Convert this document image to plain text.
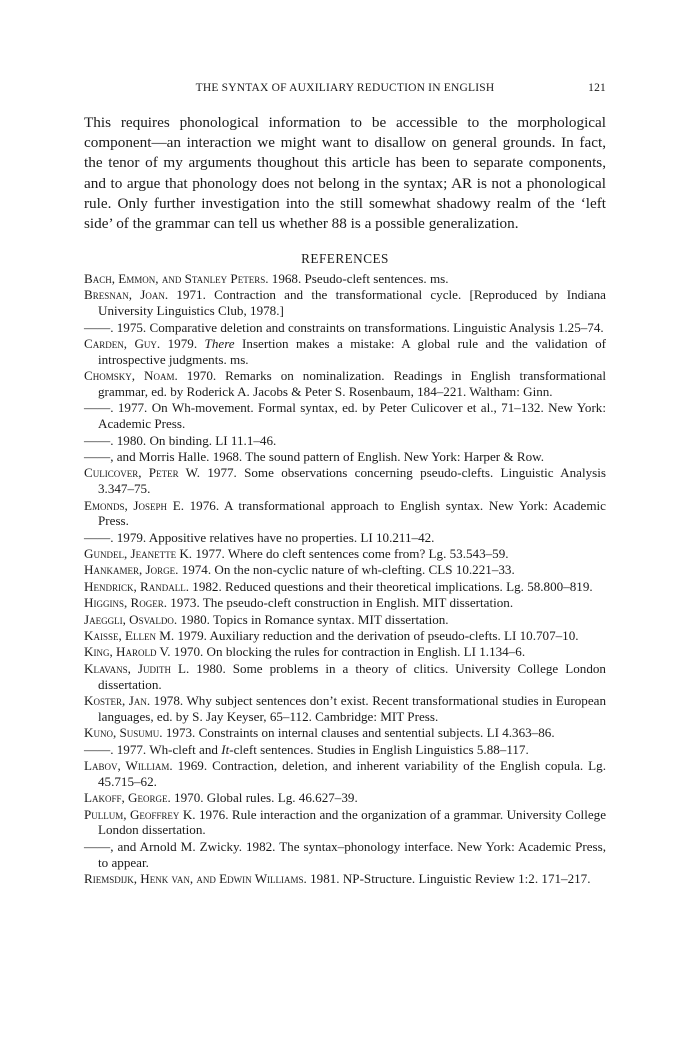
THE SYNTAX OF AUXILIARY REDUCTION IN ENGLISH	121

This requires phonological information to be accessible to the morphological component—an interaction we might want to disallow on general grounds. In fact, the tenor of my arguments thoughout this article has been to separate components, and to argue that phonology does not belong in the syntax; AR is not a phonological rule. Only further investigation into the still somewhat shadowy realm of the ‘left side’ of the grammar can tell us whether 88 is a possible generalization.

REFERENCES
Bach, Emmon, and Stanley Peters. 1968. Pseudo-cleft sentences. ms.
Bresnan, Joan. 1971. Contraction and the transformational cycle. [Reproduced by Indiana University Linguistics Club, 1978.]
——. 1975. Comparative deletion and constraints on transformations. Linguistic Analysis 1.25–74.
Carden, Guy. 1979. There Insertion makes a mistake: A global rule and the validation of introspective judgments. ms.
Chomsky, Noam. 1970. Remarks on nominalization. Readings in English transformational grammar, ed. by Roderick A. Jacobs & Peter S. Rosenbaum, 184–221. Waltham: Ginn.
——. 1977. On Wh-movement. Formal syntax, ed. by Peter Culicover et al., 71–132. New York: Academic Press.
——. 1980. On binding. LI 11.1–46.
——, and Morris Halle. 1968. The sound pattern of English. New York: Harper & Row.
Culicover, Peter W. 1977. Some observations concerning pseudo-clefts. Linguistic Analysis 3.347–75.
Emonds, Joseph E. 1976. A transformational approach to English syntax. New York: Academic Press.
——. 1979. Appositive relatives have no properties. LI 10.211–42.
Gundel, Jeanette K. 1977. Where do cleft sentences come from? Lg. 53.543–59.
Hankamer, Jorge. 1974. On the non-cyclic nature of wh-clefting. CLS 10.221–33.
Hendrick, Randall. 1982. Reduced questions and their theoretical implications. Lg. 58.800–819.
Higgins, Roger. 1973. The pseudo-cleft construction in English. MIT dissertation.
Jaeggli, Osvaldo. 1980. Topics in Romance syntax. MIT dissertation.
Kaisse, Ellen M. 1979. Auxiliary reduction and the derivation of pseudo-clefts. LI 10.707–10.
King, Harold V. 1970. On blocking the rules for contraction in English. LI 1.134–6.
Klavans, Judith L. 1980. Some problems in a theory of clitics. University College London dissertation.
Koster, Jan. 1978. Why subject sentences don’t exist. Recent transformational studies in European languages, ed. by S. Jay Keyser, 65–112. Cambridge: MIT Press.
Kuno, Susumu. 1973. Constraints on internal clauses and sentential subjects. LI 4.363–86.
——. 1977. Wh-cleft and It-cleft sentences. Studies in English Linguistics 5.88–117.
Labov, William. 1969. Contraction, deletion, and inherent variability of the English copula. Lg. 45.715–62.
Lakoff, George. 1970. Global rules. Lg. 46.627–39.
Pullum, Geoffrey K. 1976. Rule interaction and the organization of a grammar. University College London dissertation.
——, and Arnold M. Zwicky. 1982. The syntax–phonology interface. New York: Academic Press, to appear.
Riemsdijk, Henk van, and Edwin Williams. 1981. NP-Structure. Linguistic Review 1:2. 171–217.
